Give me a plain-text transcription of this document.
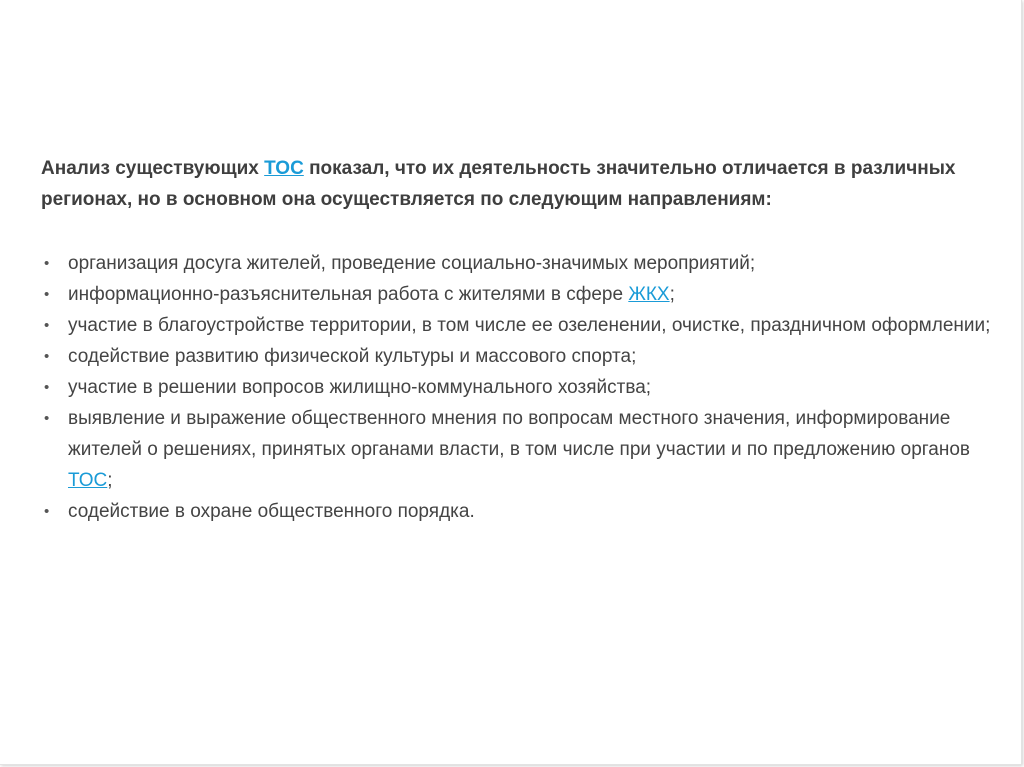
Анализ существующих ТОС показал, что их деятельность значительно отличается в различных регионах, но в основном она осуществляется по следующим направлениям:

• организация досуга жителей, проведение социально-значимых мероприятий;
• информационно-разъяснительная работа с жителями в сфере ЖКХ;
• участие в благоустройстве территории, в том числе ее озеленении, очистке, праздничном оформлении;
• содействие развитию физической культуры и массового спорта;
• участие в решении вопросов жилищно-коммунального хозяйства;
• выявление и выражение общественного мнения по вопросам местного значения, информирование жителей о решениях, принятых органами власти, в том числе при участии и по предложению органов ТОС;
• содействие в охране общественного порядка.
